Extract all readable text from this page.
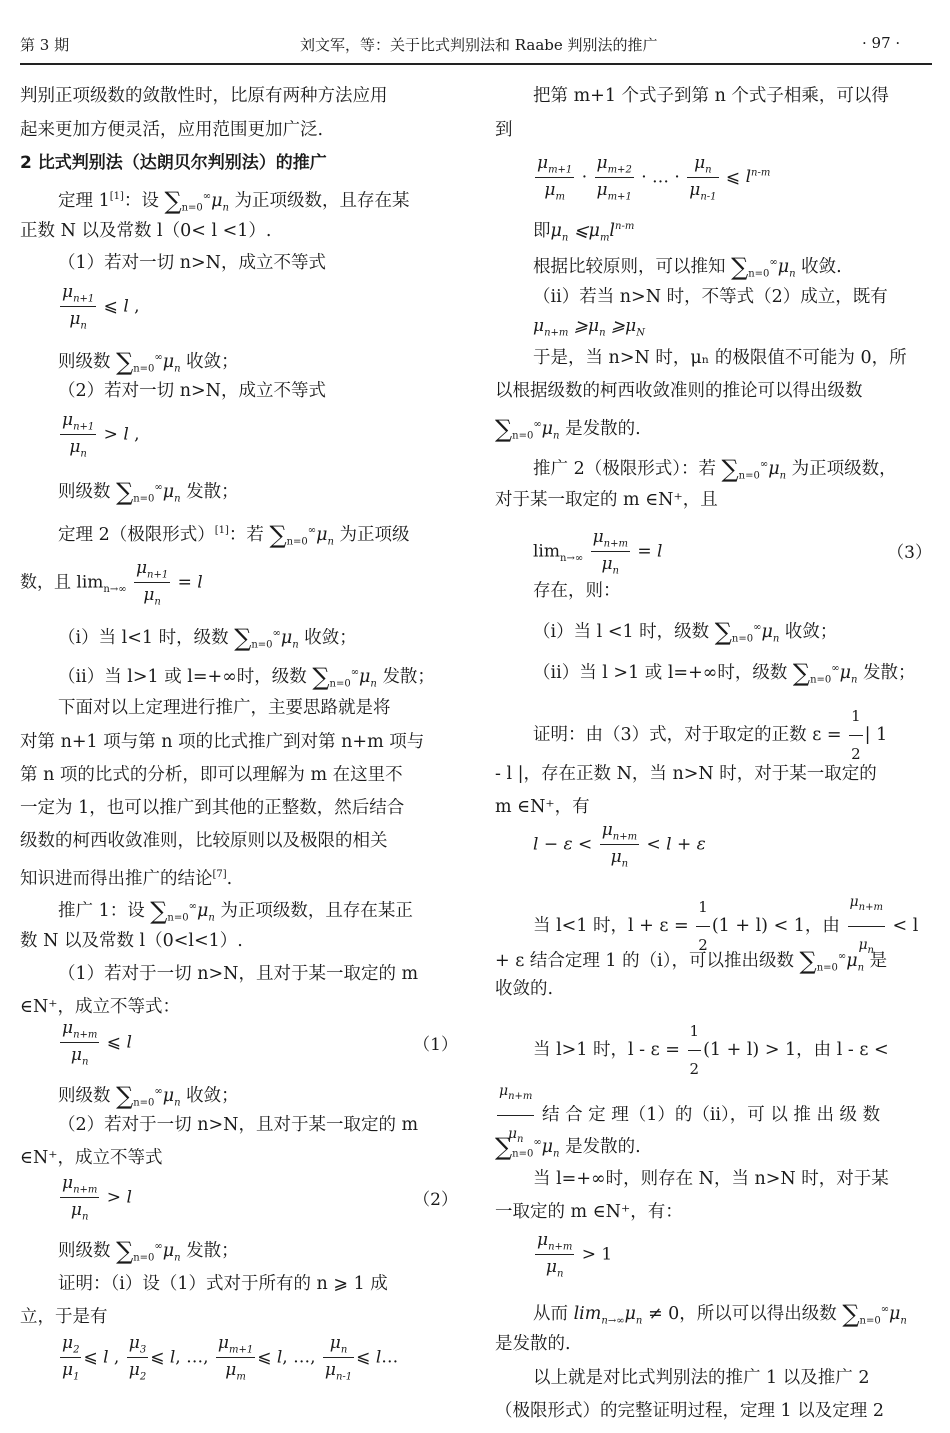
第 3 期	刘文军，等：关于比式判别法和 Raabe 判别法的推广	· 97 ·
判别正项级数的敛散性时，比原有两种方法应用
起来更加方便灵活，应用范围更加广泛.
2 比式判别法（达朗贝尔判别法）的推广
定理 1[1]：设 $\sum_{n=0}^\infty\mu_n$ 为正项级数，且存在某
正数 N 以及常数 l（0< l <1）.
（1）若对一切 n>N，成立不等式
$\frac{\mu_{n+1}}{\mu_n}$ ⩽ l ,
则级数 $\sum_{n=0}^\infty\mu_n$ 收敛；
（2）若对一切 n>N，成立不等式
$\frac{\mu_{n+1}}{\mu_n} > l$ ,
则级数 $\sum_{n=0}^\infty\mu_n$ 发散；
定理 2（极限形式）[1]：若 $\sum_{n=0}^\infty\mu_n$ 为正项级
数，且 $\lim_{n\to\infty} \frac{\mu_{n+1}}{\mu_n} = l$
（i）当 l<1 时，级数 $\sum_{n=0}^\infty\mu_n$ 收敛；
（ii）当 l>1 或 l=+∞时，级数 $\sum_{n=0}^\infty\mu_n$ 发散；
下面对以上定理进行推广，主要思路就是将
对第 n+1 项与第 n 项的比式推广到对第 n+m 项与
第 n 项的比式的分析，即可以理解为 m 在这里不
一定为 1，也可以推广到其他的正整数，然后结合
级数的柯西收敛准则，比较原则以及极限的相关
知识进而得出推广的结论[7].
推广 1：设 $\sum_{n=0}^\infty\mu_n$ 为正项级数，且存在某正
数 N 以及常数 l（0<l<1）.
（1）若对于一切 n>N，且对于某一取定的 m
∈N⁺，成立不等式：
$\frac{\mu_{n+m}}{\mu_n}$ ⩽ l	（1）
则级数 $\sum_{n=0}^\infty\mu_n$ 收敛；
（2）若对于一切 n>N，且对于某一取定的 m
∈N⁺，成立不等式
$\frac{\mu_{n+m}}{\mu_n} > l$	（2）
则级数 $\sum_{n=0}^\infty\mu_n$ 发散；
证明：（i）设（1）式对于所有的 n ⩾ 1 成
立，于是有
$\frac{\mu_2}{\mu_1}$ ⩽ l , $\frac{\mu_3}{\mu_2}$ ⩽ l, …, $\frac{\mu_{m+1}}{\mu_m}$ ⩽ l, …, $\frac{\mu_n}{\mu_{n-1}}$ ⩽ l…
把第 m+1 个式子到第 n 个式子相乘，可以得
到
$\frac{\mu_{m+1}}{\mu_m} \cdot \frac{\mu_{m+2}}{\mu_{m+1}}$ · … · $\frac{\mu_n}{\mu_{n-1}}$ ⩽ $l^{n-m}$
即$\mu_n$ $⩽\mu_ml^{n-m}$
根据比较原则，可以推知 $\sum_{n=0}^\infty\mu_n$ 收敛.
（ii）若当 n>N 时，不等式（2）成立，既有
$\mu_{n+m}$ $⩾\mu_n$ $⩾\mu_N$
于是，当 n>N 时，μₙ 的极限值不可能为 0，所
以根据级数的柯西收敛准则的推论可以得出级数
$\sum_{n=0}^\infty\mu_n$ 是发散的.
推广 2（极限形式）：若 $\sum_{n=0}^\infty\mu_n$ 为正项级数，
对于某一取定的 m ∈N⁺，且
$\lim_{n\to\infty} \frac{\mu_{n+m}}{\mu_n} = l$	（3）
存在，则：
（i）当 l <1 时，级数 $\sum_{n=0}^\infty\mu_n$ 收敛；
（ii）当 l >1 或 l=+∞时，级数 $\sum_{n=0}^\infty\mu_n$ 发散；
证明：由（3）式，对于取定的正数 $\varepsilon = \frac{1}{2}$ | 1
- l |，存在正数 N，当 n>N 时，对于某一取定的
m ∈N⁺，有
$l - \varepsilon < \frac{\mu_{n+m}}{\mu_n} < l + \varepsilon$
当 l<1 时，$l + \varepsilon = \frac{1}{2} (1 + l) < 1$，由 $\frac{\mu_{n+m}}{\mu_n} < l$
+ ε 结合定理 1 的（i），可以推出级数 $\sum_{n=0}^\infty\mu_n$ 是
收敛的.
当 l>1 时，$l - \varepsilon = \frac{1}{2} (1 + l) > 1$，由 l - ε <
$\frac{\mu_{n+m}}{\mu_n}$ 结 合 定 理（1）的（ii），可 以 推 出 级 数
$\sum_{n=0}^\infty\mu_n$ 是发散的.
当 l=+∞时，则存在 N，当 n>N 时，对于某
一取定的 m ∈N⁺，有：
$\frac{\mu_{n+m}}{\mu_n} > 1$
从而 $\lim_{n\to\infty}\mu_n \ne 0$，所以可以得出级数 $\sum_{n=0}^\infty\mu_n$
是发散的.
以上就是对比式判别法的推广 1 以及推广 2
（极限形式）的完整证明过程，定理 1 以及定理 2
